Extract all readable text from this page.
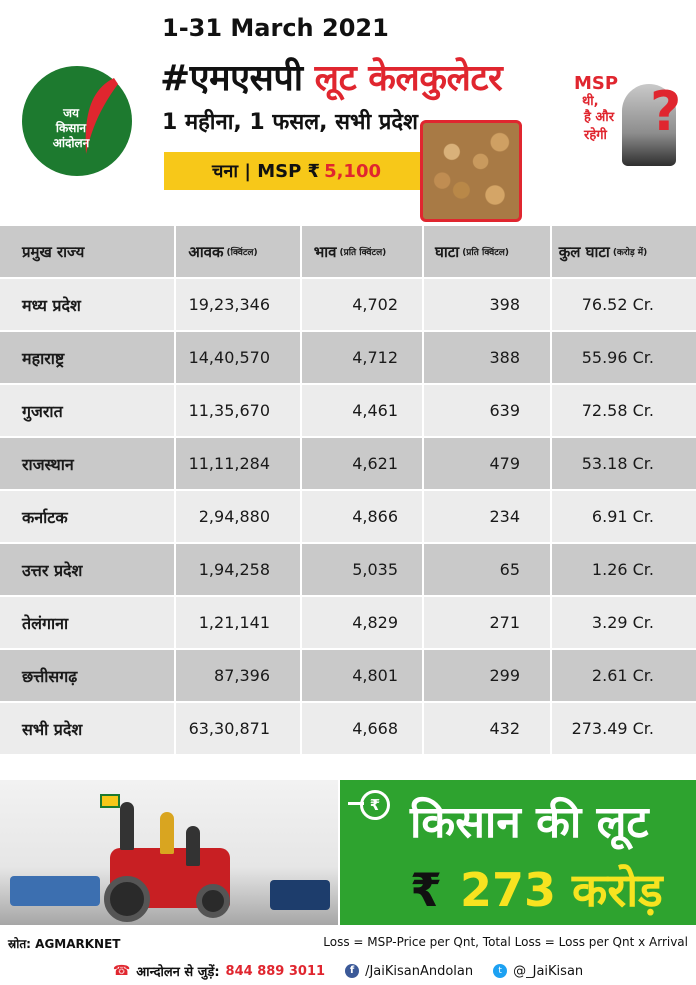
जय
किसान
आंदोलन
1-31 March 2021
#एमएसपी लूट केलकुलेटर
1 महीना, 1 फसल, सभी प्रदेश
चना | MSP ₹ 5,100
MSP
थी,
है और
रहेगी ?
प्रमुख राज्य	आवक (क्विंटल)	भाव (प्रति क्विंटल)	घाटा (प्रति क्विंटल)	कुल घाटा (करोड़ में)
मध्य प्रदेश	19,23,346	4,702	398	76.52 Cr.
महाराष्ट्र	14,40,570	4,712	388	55.96 Cr.
गुजरात	11,35,670	4,461	639	72.58 Cr.
राजस्थान	11,11,284	4,621	479	53.18 Cr.
कर्नाटक	2,94,880	4,866	234	6.91 Cr.
उत्तर प्रदेश	1,94,258	5,035	65	1.26 Cr.
तेलंगाना	1,21,141	4,829	271	3.29 Cr.
छत्तीसगढ़	87,396	4,801	299	2.61 Cr.
सभी प्रदेश	63,30,871	4,668	432	273.49 Cr.
₹ किसान की लूट
₹ 273 करोड़
स्रोत: AGMARKNET	Loss = MSP-Price per Qnt, Total Loss = Loss per Qnt x Arrival
☎ आन्दोलन से जुड़ें: 844 889 3011	f /JaiKisanAndolan	t @_JaiKisan
